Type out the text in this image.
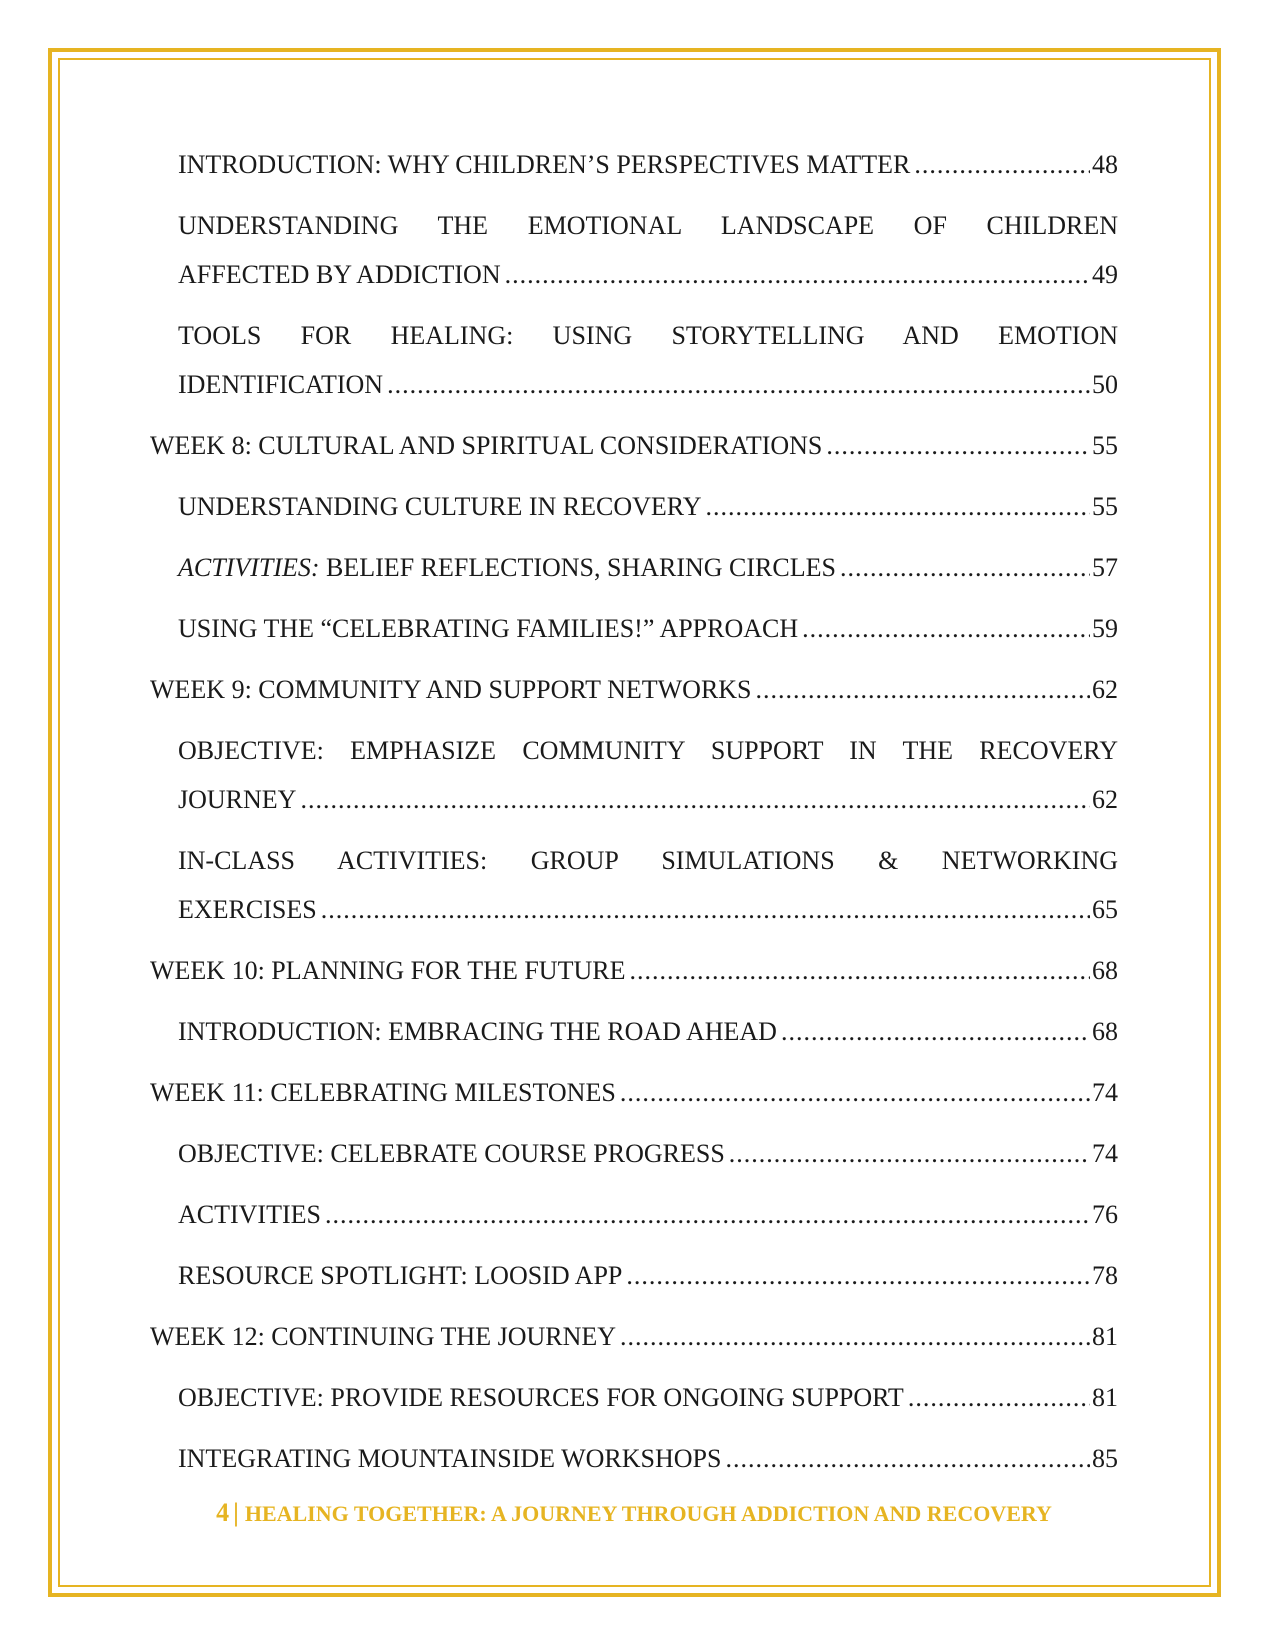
INTRODUCTION: WHY CHILDREN’S PERSPECTIVES MATTER .....	48
UNDERSTANDING THE EMOTIONAL LANDSCAPE OF CHILDREN
AFFECTED BY ADDICTION .....	49
TOOLS FOR HEALING: USING STORYTELLING AND EMOTION
IDENTIFICATION .....	50
WEEK 8: CULTURAL AND SPIRITUAL CONSIDERATIONS .....	55
UNDERSTANDING CULTURE IN RECOVERY .....	55
ACTIVITIES: BELIEF REFLECTIONS, SHARING CIRCLES .....	57
USING THE “CELEBRATING FAMILIES!” APPROACH .....	59
WEEK 9: COMMUNITY AND SUPPORT NETWORKS .....	62
OBJECTIVE: EMPHASIZE COMMUNITY SUPPORT IN THE RECOVERY
JOURNEY .....	62
IN-CLASS ACTIVITIES: GROUP SIMULATIONS & NETWORKING
EXERCISES .....	65
WEEK 10: PLANNING FOR THE FUTURE .....	68
INTRODUCTION: EMBRACING THE ROAD AHEAD .....	68
WEEK 11: CELEBRATING MILESTONES .....	74
OBJECTIVE: CELEBRATE COURSE PROGRESS .....	74
ACTIVITIES .....	76
RESOURCE SPOTLIGHT: LOOSID APP .....	78
WEEK 12: CONTINUING THE JOURNEY .....	81
OBJECTIVE: PROVIDE RESOURCES FOR ONGOING SUPPORT .....	81
INTEGRATING MOUNTAINSIDE WORKSHOPS .....	85
4 | HEALING TOGETHER: A JOURNEY THROUGH ADDICTION AND RECOVERY
